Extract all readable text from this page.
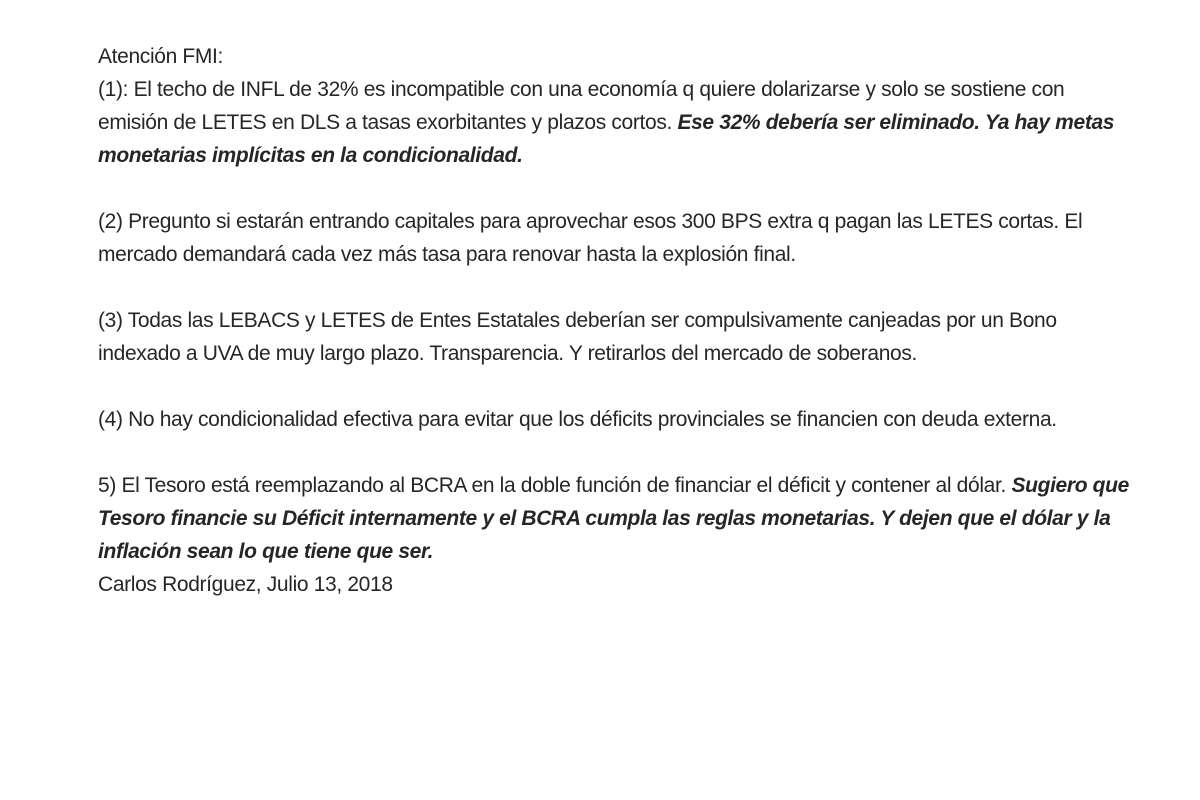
Atención FMI:

(1): El techo de INFL de 32% es incompatible con una economía q quiere dolarizarse y solo se sostiene con emisión de LETES en DLS a tasas exorbitantes y plazos cortos. Ese 32% debería ser eliminado. Ya hay metas monetarias implícitas en la condicionalidad.

(2) Pregunto si estarán entrando capitales para aprovechar esos 300 BPS extra q pagan las LETES cortas. El mercado demandará cada vez más tasa para renovar hasta la explosión final.

(3) Todas las LEBACS y LETES de Entes Estatales deberían ser compulsivamente canjeadas por un Bono indexado a UVA de muy largo plazo. Transparencia. Y retirarlos del mercado de soberanos.

(4) No hay condicionalidad efectiva para evitar que los déficits provinciales se financien con deuda externa.

5) El Tesoro está reemplazando al BCRA en la doble función de financiar el déficit y contener al dólar. Sugiero que Tesoro financie su Déficit internamente y el BCRA cumpla las reglas monetarias. Y dejen que el dólar y la inflación sean lo que tiene que ser.

Carlos Rodríguez, Julio 13, 2018
